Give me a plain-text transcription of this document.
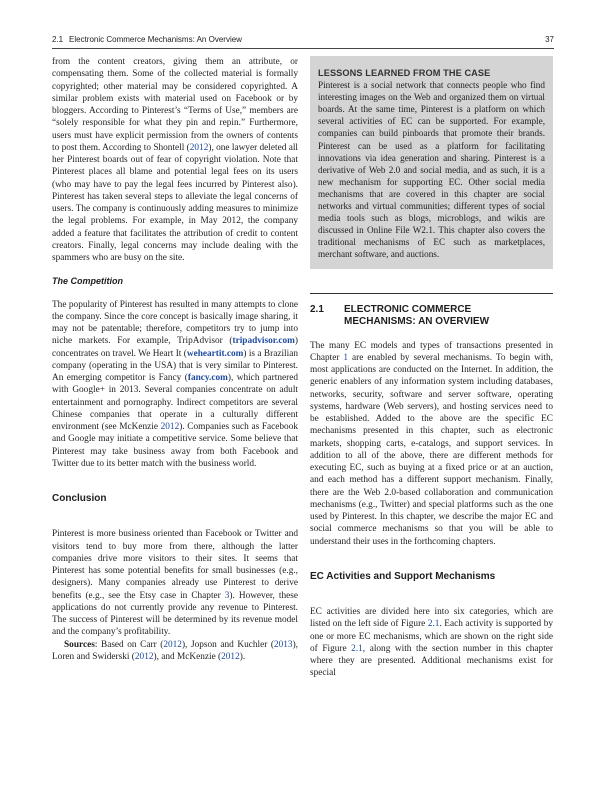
2.1 Electronic Commerce Mechanisms: An Overview	37

from the content creators, giving them an attribute, or compensating them. Some of the collected material is formally copyrighted; other material may be considered copyrighted. A similar problem exists with material used on Facebook or by bloggers. According to Pinterest’s “Terms of Use,” members are “solely responsible for what they pin and repin.” Furthermore, users must have explicit permission from the owners of contents to post them. According to Shontell (2012), one lawyer deleted all her Pinterest boards out of fear of copyright violation. Note that Pinterest places all blame and potential legal fees on its users (who may have to pay the legal fees incurred by Pinterest also). Pinterest has taken several steps to alleviate the legal concerns of users. The company is continuously adding measures to minimize the legal problems. For example, in May 2012, the company added a feature that facilitates the attribution of credit to content creators. Finally, legal concerns may include dealing with the spammers who are busy on the site.

The Competition

The popularity of Pinterest has resulted in many attempts to clone the company. Since the core concept is basically image sharing, it may not be patentable; therefore, competitors try to jump into niche markets. For example, TripAdvisor (tripadvisor.com) concentrates on travel. We Heart It (weheartit.com) is a Brazilian company (operating in the USA) that is very similar to Pinterest. An emerging competitor is Fancy (fancy.com), which partnered with Google+ in 2013. Several companies concentrate on adult entertainment and pornography. Indirect competitors are several Chinese companies that operate in a culturally different environment (see McKenzie 2012). Companies such as Facebook and Google may initiate a competitive service. Some believe that Pinterest may take business away from both Facebook and Twitter due to its better match with the business world.

Conclusion

Pinterest is more business oriented than Facebook or Twitter and visitors tend to buy more from there, although the latter companies drive more visitors to their sites. It seems that Pinterest has some potential benefits for small businesses (e.g., designers). Many companies already use Pinterest to derive benefits (e.g., see the Etsy case in Chapter 3). However, these applications do not currently provide any revenue to Pinterest. The success of Pinterest will be determined by its revenue model and the company’s profitability.

Sources: Based on Carr (2012), Jopson and Kuchler (2013), Loren and Swiderski (2012), and McKenzie (2012).

LESSONS LEARNED FROM THE CASE

Pinterest is a social network that connects people who find interesting images on the Web and organized them on virtual boards. At the same time, Pinterest is a platform on which several activities of EC can be supported. For example, companies can build pinboards that promote their brands. Pinterest can be used as a platform for facilitating innovations via idea generation and sharing. Pinterest is a derivative of Web 2.0 and social media, and as such, it is a new mechanism for supporting EC. Other social media mechanisms that are covered in this chapter are social networks and virtual communities; different types of social media tools such as blogs, microblogs, and wikis are discussed in Online File W2.1. This chapter also covers the traditional mechanisms of EC such as marketplaces, merchant software, and auctions.

2.1 ELECTRONIC COMMERCE
MECHANISMS: AN OVERVIEW

The many EC models and types of transactions presented in Chapter 1 are enabled by several mechanisms. To begin with, most applications are conducted on the Internet. In addition, the generic enablers of any information system including databases, networks, security, software and server software, operating systems, hardware (Web servers), and hosting services need to be established. Added to the above are the specific EC mechanisms presented in this chapter, such as electronic markets, shopping carts, e-catalogs, and support services. In addition to all of the above, there are different methods for executing EC, such as buying at a fixed price or at an auction, and each method has a different support mechanism. Finally, there are the Web 2.0-based collaboration and communication mechanisms (e.g., Twitter) and special platforms such as the one used by Pinterest. In this chapter, we describe the major EC and social commerce mechanisms so that you will be able to understand their uses in the forthcoming chapters.

EC Activities and Support Mechanisms

EC activities are divided here into six categories, which are listed on the left side of Figure 2.1. Each activity is supported by one or more EC mechanisms, which are shown on the right side of Figure 2.1, along with the section number in this chapter where they are presented. Additional mechanisms exist for special
